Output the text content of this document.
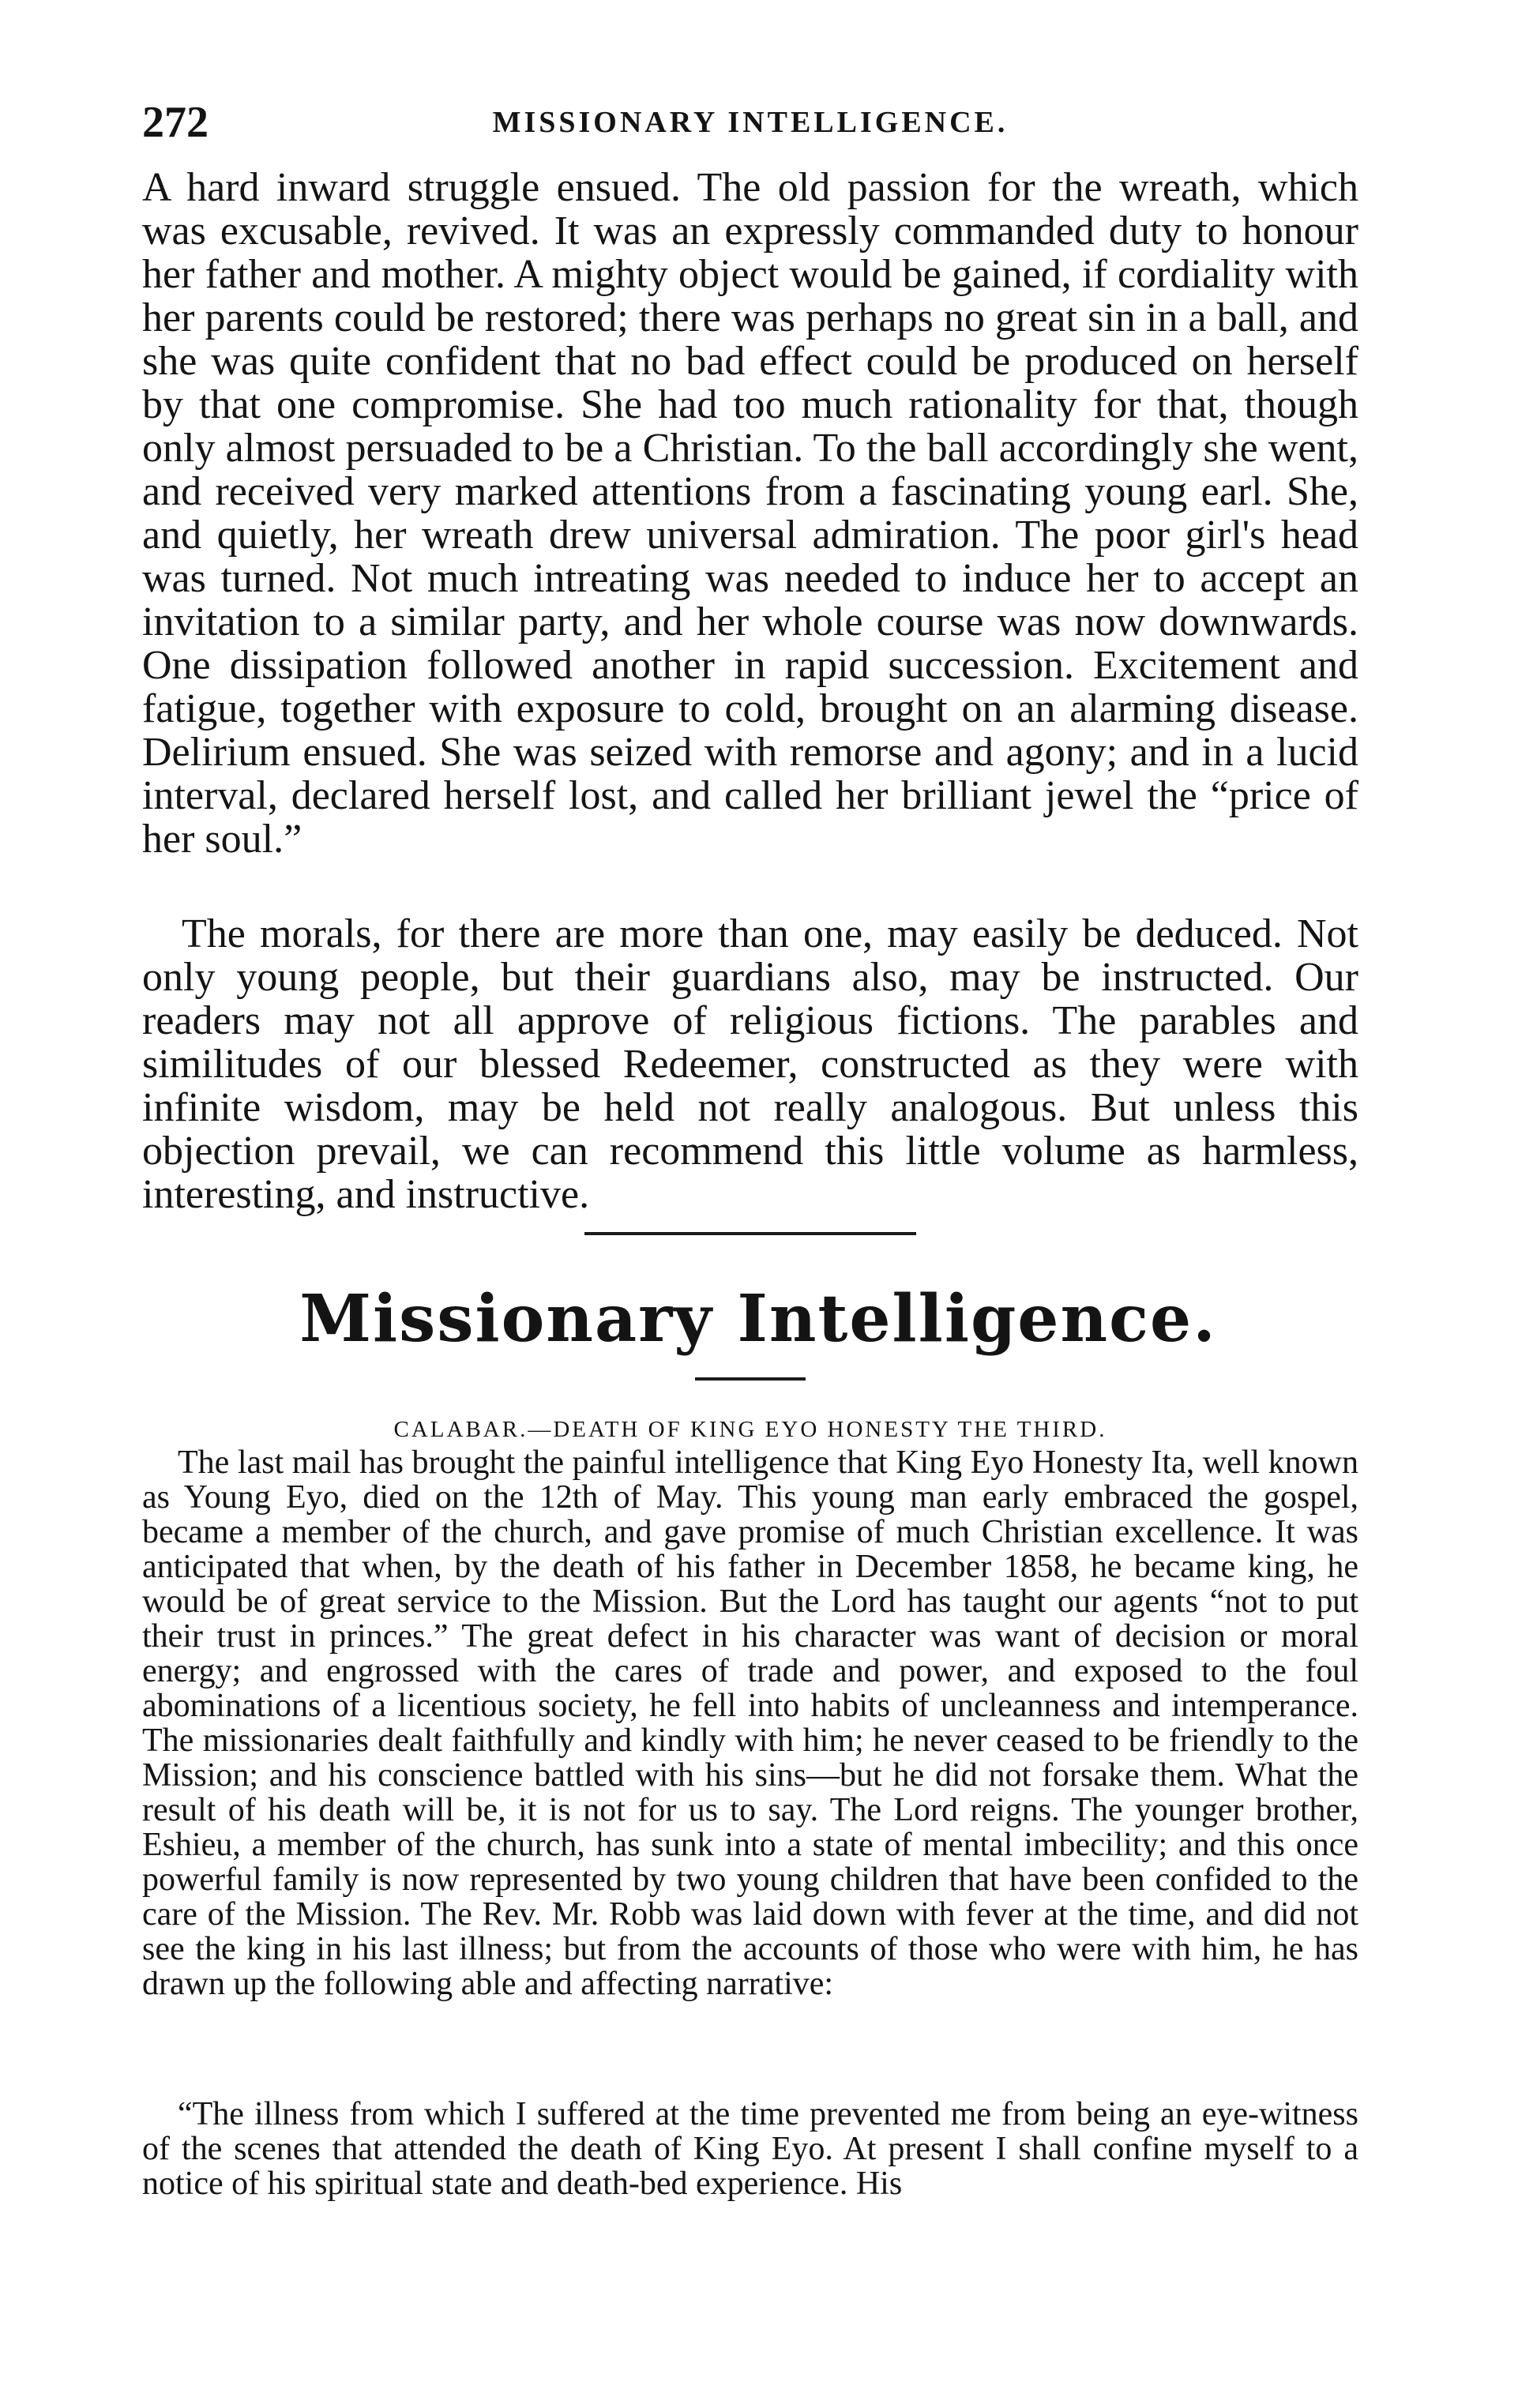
272	MISSIONARY INTELLIGENCE.

A hard inward struggle ensued. The old passion for the wreath, which was excusable, revived. It was an expressly commanded duty to honour her father and mother. A mighty object would be gained, if cordiality with her parents could be restored; there was perhaps no great sin in a ball, and she was quite confident that no bad effect could be produced on herself by that one compromise. She had too much rationality for that, though only almost persuaded to be a Christian. To the ball accordingly she went, and received very marked attentions from a fascinating young earl. She, and quietly, her wreath drew universal admiration. The poor girl's head was turned. Not much intreating was needed to induce her to accept an invitation to a similar party, and her whole course was now downwards. One dissipation followed another in rapid succession. Excitement and fatigue, together with exposure to cold, brought on an alarming disease. Delirium ensued. She was seized with remorse and agony; and in a lucid interval, declared herself lost, and called her brilliant jewel the “price of her soul.”

The morals, for there are more than one, may easily be deduced. Not only young people, but their guardians also, may be instructed. Our readers may not all approve of religious fictions. The parables and similitudes of our blessed Redeemer, constructed as they were with infinite wisdom, may be held not really analogous. But unless this objection prevail, we can recommend this little volume as harmless, interesting, and instructive.

Missionary Intelligence.
CALABAR.—DEATH OF KING EYO HONESTY THE THIRD.

The last mail has brought the painful intelligence that King Eyo Honesty Ita, well known as Young Eyo, died on the 12th of May. This young man early embraced the gospel, became a member of the church, and gave promise of much Christian excellence. It was anticipated that when, by the death of his father in December 1858, he became king, he would be of great service to the Mission. But the Lord has taught our agents “not to put their trust in princes.” The great defect in his character was want of decision or moral energy; and engrossed with the cares of trade and power, and exposed to the foul abominations of a licentious society, he fell into habits of uncleanness and intemperance. The missionaries dealt faithfully and kindly with him; he never ceased to be friendly to the Mission; and his conscience battled with his sins—but he did not forsake them. What the result of his death will be, it is not for us to say. The Lord reigns. The younger brother, Eshieu, a member of the church, has sunk into a state of mental imbecility; and this once powerful family is now represented by two young children that have been confided to the care of the Mission. The Rev. Mr. Robb was laid down with fever at the time, and did not see the king in his last illness; but from the accounts of those who were with him, he has drawn up the following able and affecting narrative:

“The illness from which I suffered at the time prevented me from being an eye-witness of the scenes that attended the death of King Eyo. At present I shall confine myself to a notice of his spiritual state and death-bed experience. His
